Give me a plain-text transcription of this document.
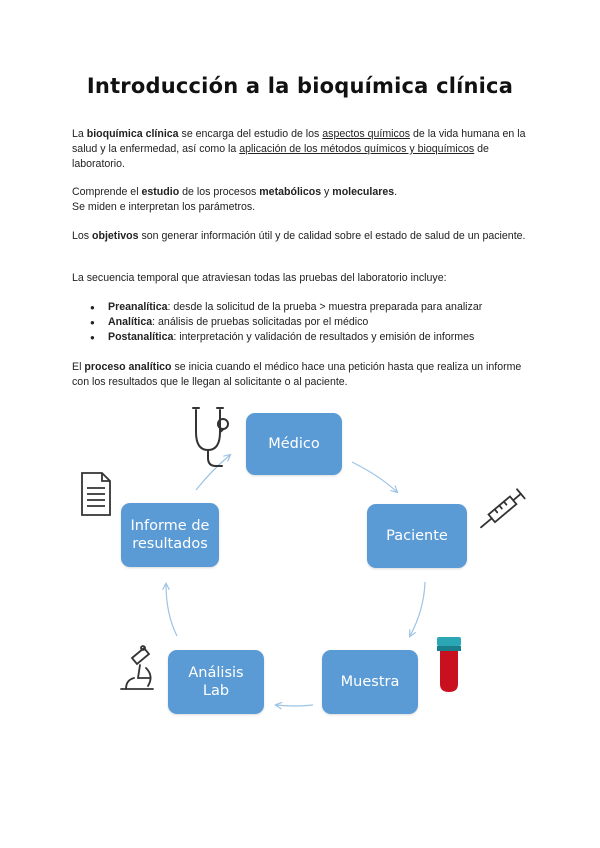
Introducción a la bioquímica clínica
La bioquímica clínica se encarga del estudio de los aspectos químicos de la vida humana en la salud y la enfermedad, así como la aplicación de los métodos químicos y bioquímicos de laboratorio.
Comprende el estudio de los procesos metabólicos y moleculares.
Se miden e interpretan los parámetros.
Los objetivos son generar información útil y de calidad sobre el estado de salud de un paciente.
La secuencia temporal que atraviesan todas las pruebas del laboratorio incluye:
● Preanalítica: desde la solicitud de la prueba > muestra preparada para analizar
● Analítica: análisis de pruebas solicitadas por el médico
● Postanalítica: interpretación y validación de resultados y emisión de informes
El proceso analítico se inicia cuando el médico hace una petición hasta que realiza un informe con los resultados que le llegan al solicitante o al paciente.
Médico
Paciente
Muestra
Análisis
Lab
Informe de
resultados
